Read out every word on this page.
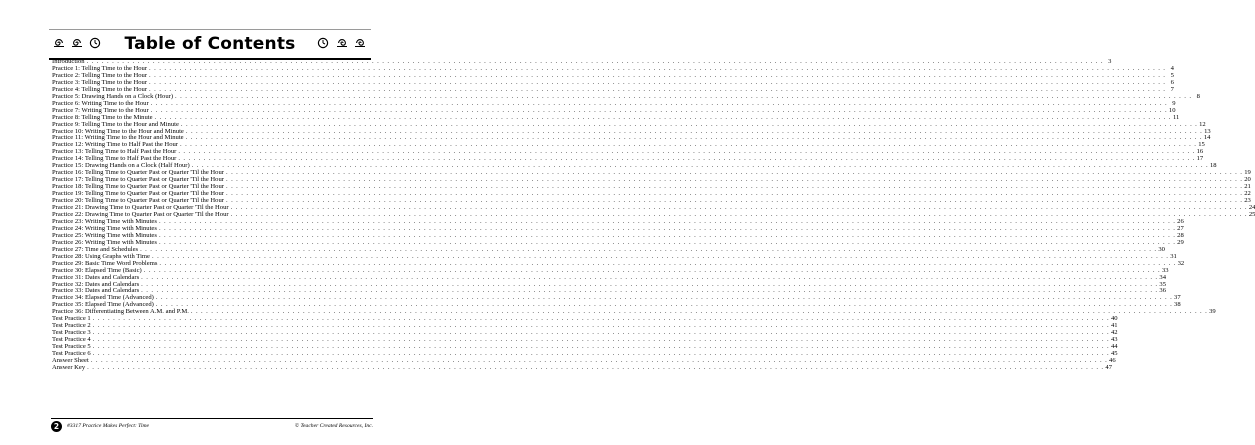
Table of Contents
Introduction . . . . . . . . . . . . . . . . . . . . . . . . . . . . . . . . . . . . . . . . . . . . . . . . . . . . . . . . . . . . . . . . . . . . . . . . . . . . . . . . . . . . . . . . . . . . . . . . . . . . . . . . . . . . . . . . . . . . . . . . . . . . . . . . . . . . . . . . . . . . . . . . . . . . . . . . . . . . . . . . . . . . . . . . . . . . . . . . . . . . . . . . . . . . . . . . . . . . . . . . 3
Practice 1: Telling Time to the Hour . . . . . . . . . . . . . . . . . . . . . . . . . . . . . . . . . . . . . . . . . . . . . . . . . . . . . . . . . . . . . . . . . . . . . . . . . . . . . . . . . . . . . . . . . . . . . . . . . . . . . . . . . . . . . . . . . . . . . . . . . . . . . . . . . . . . . . . . . . . . . . . . . . . . . . . . . . . . . . . . . . . . . . . . . . . . . . . . . . . . . . . . . . . . . . . . . . . . . . . . 4
Practice 2: Telling Time to the Hour . . . . . . . . . . . . . . . . . . . . . . . . . . . . . . . . . . . . . . . . . . . . . . . . . . . . . . . . . . . . . . . . . . . . . . . . . . . . . . . . . . . . . . . . . . . . . . . . . . . . . . . . . . . . . . . . . . . . . . . . . . . . . . . . . . . . . . . . . . . . . . . . . . . . . . . . . . . . . . . . . . . . . . . . . . . . . . . . . . . . . . . . . . . . . . . . . . . . . . . . 5
Practice 3: Telling Time to the Hour . . . . . . . . . . . . . . . . . . . . . . . . . . . . . . . . . . . . . . . . . . . . . . . . . . . . . . . . . . . . . . . . . . . . . . . . . . . . . . . . . . . . . . . . . . . . . . . . . . . . . . . . . . . . . . . . . . . . . . . . . . . . . . . . . . . . . . . . . . . . . . . . . . . . . . . . . . . . . . . . . . . . . . . . . . . . . . . . . . . . . . . . . . . . . . . . . . . . . . . . 6
Practice 4: Telling Time to the Hour . . . . . . . . . . . . . . . . . . . . . . . . . . . . . . . . . . . . . . . . . . . . . . . . . . . . . . . . . . . . . . . . . . . . . . . . . . . . . . . . . . . . . . . . . . . . . . . . . . . . . . . . . . . . . . . . . . . . . . . . . . . . . . . . . . . . . . . . . . . . . . . . . . . . . . . . . . . . . . . . . . . . . . . . . . . . . . . . . . . . . . . . . . . . . . . . . . . . . . . . 7
Practice 5: Drawing Hands on a Clock (Hour) . . . . . . . . . . . . . . . . . . . . . . . . . . . . . . . . . . . . . . . . . . . . . . . . . . . . . . . . . . . . . . . . . . . . . . . . . . . . . . . . . . . . . . . . . . . . . . . . . . . . . . . . . . . . . . . . . . . . . . . . . . . . . . . . . . . . . . . . . . . . . . . . . . . . . . . . . . . . . . . . . . . . . . . . . . . . . . . . . . . . . . . . . . . . . . . . . . . . . . . . 8
Practice 6: Writing Time to the Hour . . . . . . . . . . . . . . . . . . . . . . . . . . . . . . . . . . . . . . . . . . . . . . . . . . . . . . . . . . . . . . . . . . . . . . . . . . . . . . . . . . . . . . . . . . . . . . . . . . . . . . . . . . . . . . . . . . . . . . . . . . . . . . . . . . . . . . . . . . . . . . . . . . . . . . . . . . . . . . . . . . . . . . . . . . . . . . . . . . . . . . . . . . . . . . . . . . . . . . . . 9
Practice 7: Writing Time to the Hour . . . . . . . . . . . . . . . . . . . . . . . . . . . . . . . . . . . . . . . . . . . . . . . . . . . . . . . . . . . . . . . . . . . . . . . . . . . . . . . . . . . . . . . . . . . . . . . . . . . . . . . . . . . . . . . . . . . . . . . . . . . . . . . . . . . . . . . . . . . . . . . . . . . . . . . . . . . . . . . . . . . . . . . . . . . . . . . . . . . . . . . . . . . . . . . . . . . . . . . . 10
Practice 8: Telling Time to the Minute . . . . . . . . . . . . . . . . . . . . . . . . . . . . . . . . . . . . . . . . . . . . . . . . . . . . . . . . . . . . . . . . . . . . . . . . . . . . . . . . . . . . . . . . . . . . . . . . . . . . . . . . . . . . . . . . . . . . . . . . . . . . . . . . . . . . . . . . . . . . . . . . . . . . . . . . . . . . . . . . . . . . . . . . . . . . . . . . . . . . . . . . . . . . . . . . . . . . . . . . 11
Practice 9: Telling Time to the Hour and Minute . . . . . . . . . . . . . . . . . . . . . . . . . . . . . . . . . . . . . . . . . . . . . . . . . . . . . . . . . . . . . . . . . . . . . . . . . . . . . . . . . . . . . . . . . . . . . . . . . . . . . . . . . . . . . . . . . . . . . . . . . . . . . . . . . . . . . . . . . . . . . . . . . . . . . . . . . . . . . . . . . . . . . . . . . . . . . . . . . . . . . . . . . . . . . . . . . . . . . . . . 12
Practice 10: Writing Time to the Hour and Minute . . . . . . . . . . . . . . . . . . . . . . . . . . . . . . . . . . . . . . . . . . . . . . . . . . . . . . . . . . . . . . . . . . . . . . . . . . . . . . . . . . . . . . . . . . . . . . . . . . . . . . . . . . . . . . . . . . . . . . . . . . . . . . . . . . . . . . . . . . . . . . . . . . . . . . . . . . . . . . . . . . . . . . . . . . . . . . . . . . . . . . . . . . . . . . . . . . . . . . . . 13
Practice 11: Writing Time to the Hour and Minute . . . . . . . . . . . . . . . . . . . . . . . . . . . . . . . . . . . . . . . . . . . . . . . . . . . . . . . . . . . . . . . . . . . . . . . . . . . . . . . . . . . . . . . . . . . . . . . . . . . . . . . . . . . . . . . . . . . . . . . . . . . . . . . . . . . . . . . . . . . . . . . . . . . . . . . . . . . . . . . . . . . . . . . . . . . . . . . . . . . . . . . . . . . . . . . . . . . . . . . . 14
Practice 12: Writing Time to Half Past the Hour . . . . . . . . . . . . . . . . . . . . . . . . . . . . . . . . . . . . . . . . . . . . . . . . . . . . . . . . . . . . . . . . . . . . . . . . . . . . . . . . . . . . . . . . . . . . . . . . . . . . . . . . . . . . . . . . . . . . . . . . . . . . . . . . . . . . . . . . . . . . . . . . . . . . . . . . . . . . . . . . . . . . . . . . . . . . . . . . . . . . . . . . . . . . . . . . . . . . . . . . 15
Practice 13: Telling Time to Half Past the Hour . . . . . . . . . . . . . . . . . . . . . . . . . . . . . . . . . . . . . . . . . . . . . . . . . . . . . . . . . . . . . . . . . . . . . . . . . . . . . . . . . . . . . . . . . . . . . . . . . . . . . . . . . . . . . . . . . . . . . . . . . . . . . . . . . . . . . . . . . . . . . . . . . . . . . . . . . . . . . . . . . . . . . . . . . . . . . . . . . . . . . . . . . . . . . . . . . . . . . . . . 16
Practice 14: Telling Time to Half Past the Hour . . . . . . . . . . . . . . . . . . . . . . . . . . . . . . . . . . . . . . . . . . . . . . . . . . . . . . . . . . . . . . . . . . . . . . . . . . . . . . . . . . . . . . . . . . . . . . . . . . . . . . . . . . . . . . . . . . . . . . . . . . . . . . . . . . . . . . . . . . . . . . . . . . . . . . . . . . . . . . . . . . . . . . . . . . . . . . . . . . . . . . . . . . . . . . . . . . . . . . . . 17
Practice 15: Drawing Hands on a Clock (Half Hour) . . . . . . . . . . . . . . . . . . . . . . . . . . . . . . . . . . . . . . . . . . . . . . . . . . . . . . . . . . . . . . . . . . . . . . . . . . . . . . . . . . . . . . . . . . . . . . . . . . . . . . . . . . . . . . . . . . . . . . . . . . . . . . . . . . . . . . . . . . . . . . . . . . . . . . . . . . . . . . . . . . . . . . . . . . . . . . . . . . . . . . . . . . . . . . . . . . . . . . . . 18
Practice 16: Telling Time to Quarter Past or Quarter 'Til the Hour . . . . . . . . . . . . . . . . . . . . . . . . . . . . . . . . . . . . . . . . . . . . . . . . . . . . . . . . . . . . . . . . . . . . . . . . . . . . . . . . . . . . . . . . . . . . . . . . . . . . . . . . . . . . . . . . . . . . . . . . . . . . . . . . . . . . . . . . . . . . . . . . . . . . . . . . . . . . . . . . . . . . . . . . . . . . . . . . . . . . . . . . . . . . . . . . . . . . . . . . 19
Practice 17: Telling Time to Quarter Past or Quarter 'Til the Hour . . . . . . . . . . . . . . . . . . . . . . . . . . . . . . . . . . . . . . . . . . . . . . . . . . . . . . . . . . . . . . . . . . . . . . . . . . . . . . . . . . . . . . . . . . . . . . . . . . . . . . . . . . . . . . . . . . . . . . . . . . . . . . . . . . . . . . . . . . . . . . . . . . . . . . . . . . . . . . . . . . . . . . . . . . . . . . . . . . . . . . . . . . . . . . . . . . . . . . . . 20
Practice 18: Telling Time to Quarter Past or Quarter 'Til the Hour . . . . . . . . . . . . . . . . . . . . . . . . . . . . . . . . . . . . . . . . . . . . . . . . . . . . . . . . . . . . . . . . . . . . . . . . . . . . . . . . . . . . . . . . . . . . . . . . . . . . . . . . . . . . . . . . . . . . . . . . . . . . . . . . . . . . . . . . . . . . . . . . . . . . . . . . . . . . . . . . . . . . . . . . . . . . . . . . . . . . . . . . . . . . . . . . . . . . . . . . 21
Practice 19: Telling Time to Quarter Past or Quarter 'Til the Hour . . . . . . . . . . . . . . . . . . . . . . . . . . . . . . . . . . . . . . . . . . . . . . . . . . . . . . . . . . . . . . . . . . . . . . . . . . . . . . . . . . . . . . . . . . . . . . . . . . . . . . . . . . . . . . . . . . . . . . . . . . . . . . . . . . . . . . . . . . . . . . . . . . . . . . . . . . . . . . . . . . . . . . . . . . . . . . . . . . . . . . . . . . . . . . . . . . . . . . . . 22
Practice 20: Telling Time to Quarter Past or Quarter 'Til the Hour . . . . . . . . . . . . . . . . . . . . . . . . . . . . . . . . . . . . . . . . . . . . . . . . . . . . . . . . . . . . . . . . . . . . . . . . . . . . . . . . . . . . . . . . . . . . . . . . . . . . . . . . . . . . . . . . . . . . . . . . . . . . . . . . . . . . . . . . . . . . . . . . . . . . . . . . . . . . . . . . . . . . . . . . . . . . . . . . . . . . . . . . . . . . . . . . . . . . . . . . 23
Practice 21: Drawing Time to Quarter Past or Quarter 'Til the Hour . . . . . . . . . . . . . . . . . . . . . . . . . . . . . . . . . . . . . . . . . . . . . . . . . . . . . . . . . . . . . . . . . . . . . . . . . . . . . . . . . . . . . . . . . . . . . . . . . . . . . . . . . . . . . . . . . . . . . . . . . . . . . . . . . . . . . . . . . . . . . . . . . . . . . . . . . . . . . . . . . . . . . . . . . . . . . . . . . . . . . . . . . . . . . . . . . . . . . . . . 24
Practice 22: Drawing Time to Quarter Past or Quarter 'Til the Hour . . . . . . . . . . . . . . . . . . . . . . . . . . . . . . . . . . . . . . . . . . . . . . . . . . . . . . . . . . . . . . . . . . . . . . . . . . . . . . . . . . . . . . . . . . . . . . . . . . . . . . . . . . . . . . . . . . . . . . . . . . . . . . . . . . . . . . . . . . . . . . . . . . . . . . . . . . . . . . . . . . . . . . . . . . . . . . . . . . . . . . . . . . . . . . . . . . . . . . . . 25
Practice 23: Writing Time with Minutes . . . . . . . . . . . . . . . . . . . . . . . . . . . . . . . . . . . . . . . . . . . . . . . . . . . . . . . . . . . . . . . . . . . . . . . . . . . . . . . . . . . . . . . . . . . . . . . . . . . . . . . . . . . . . . . . . . . . . . . . . . . . . . . . . . . . . . . . . . . . . . . . . . . . . . . . . . . . . . . . . . . . . . . . . . . . . . . . . . . . . . . . . . . . . . . . . . . . . . . . 26
Practice 24: Writing Time with Minutes . . . . . . . . . . . . . . . . . . . . . . . . . . . . . . . . . . . . . . . . . . . . . . . . . . . . . . . . . . . . . . . . . . . . . . . . . . . . . . . . . . . . . . . . . . . . . . . . . . . . . . . . . . . . . . . . . . . . . . . . . . . . . . . . . . . . . . . . . . . . . . . . . . . . . . . . . . . . . . . . . . . . . . . . . . . . . . . . . . . . . . . . . . . . . . . . . . . . . . . . 27
Practice 25: Writing Time with Minutes . . . . . . . . . . . . . . . . . . . . . . . . . . . . . . . . . . . . . . . . . . . . . . . . . . . . . . . . . . . . . . . . . . . . . . . . . . . . . . . . . . . . . . . . . . . . . . . . . . . . . . . . . . . . . . . . . . . . . . . . . . . . . . . . . . . . . . . . . . . . . . . . . . . . . . . . . . . . . . . . . . . . . . . . . . . . . . . . . . . . . . . . . . . . . . . . . . . . . . . . 28
Practice 26: Writing Time with Minutes . . . . . . . . . . . . . . . . . . . . . . . . . . . . . . . . . . . . . . . . . . . . . . . . . . . . . . . . . . . . . . . . . . . . . . . . . . . . . . . . . . . . . . . . . . . . . . . . . . . . . . . . . . . . . . . . . . . . . . . . . . . . . . . . . . . . . . . . . . . . . . . . . . . . . . . . . . . . . . . . . . . . . . . . . . . . . . . . . . . . . . . . . . . . . . . . . . . . . . . . 29
Practice 27: Time and Schedules . . . . . . . . . . . . . . . . . . . . . . . . . . . . . . . . . . . . . . . . . . . . . . . . . . . . . . . . . . . . . . . . . . . . . . . . . . . . . . . . . . . . . . . . . . . . . . . . . . . . . . . . . . . . . . . . . . . . . . . . . . . . . . . . . . . . . . . . . . . . . . . . . . . . . . . . . . . . . . . . . . . . . . . . . . . . . . . . . . . . . . . . . . . . . . . . . . . . . . . . 30
Practice 28: Using Graphs with Time . . . . . . . . . . . . . . . . . . . . . . . . . . . . . . . . . . . . . . . . . . . . . . . . . . . . . . . . . . . . . . . . . . . . . . . . . . . . . . . . . . . . . . . . . . . . . . . . . . . . . . . . . . . . . . . . . . . . . . . . . . . . . . . . . . . . . . . . . . . . . . . . . . . . . . . . . . . . . . . . . . . . . . . . . . . . . . . . . . . . . . . . . . . . . . . . . . . . . . . . 31
Practice 29: Basic Time Word Problems . . . . . . . . . . . . . . . . . . . . . . . . . . . . . . . . . . . . . . . . . . . . . . . . . . . . . . . . . . . . . . . . . . . . . . . . . . . . . . . . . . . . . . . . . . . . . . . . . . . . . . . . . . . . . . . . . . . . . . . . . . . . . . . . . . . . . . . . . . . . . . . . . . . . . . . . . . . . . . . . . . . . . . . . . . . . . . . . . . . . . . . . . . . . . . . . . . . . . . . . 32
Practice 30: Elapsed Time (Basic) . . . . . . . . . . . . . . . . . . . . . . . . . . . . . . . . . . . . . . . . . . . . . . . . . . . . . . . . . . . . . . . . . . . . . . . . . . . . . . . . . . . . . . . . . . . . . . . . . . . . . . . . . . . . . . . . . . . . . . . . . . . . . . . . . . . . . . . . . . . . . . . . . . . . . . . . . . . . . . . . . . . . . . . . . . . . . . . . . . . . . . . . . . . . . . . . . . . . . . . . 33
Practice 31: Dates and Calendars . . . . . . . . . . . . . . . . . . . . . . . . . . . . . . . . . . . . . . . . . . . . . . . . . . . . . . . . . . . . . . . . . . . . . . . . . . . . . . . . . . . . . . . . . . . . . . . . . . . . . . . . . . . . . . . . . . . . . . . . . . . . . . . . . . . . . . . . . . . . . . . . . . . . . . . . . . . . . . . . . . . . . . . . . . . . . . . . . . . . . . . . . . . . . . . . . . . . . . . . 34
Practice 32: Dates and Calendars . . . . . . . . . . . . . . . . . . . . . . . . . . . . . . . . . . . . . . . . . . . . . . . . . . . . . . . . . . . . . . . . . . . . . . . . . . . . . . . . . . . . . . . . . . . . . . . . . . . . . . . . . . . . . . . . . . . . . . . . . . . . . . . . . . . . . . . . . . . . . . . . . . . . . . . . . . . . . . . . . . . . . . . . . . . . . . . . . . . . . . . . . . . . . . . . . . . . . . . . 35
Practice 33: Dates and Calendars . . . . . . . . . . . . . . . . . . . . . . . . . . . . . . . . . . . . . . . . . . . . . . . . . . . . . . . . . . . . . . . . . . . . . . . . . . . . . . . . . . . . . . . . . . . . . . . . . . . . . . . . . . . . . . . . . . . . . . . . . . . . . . . . . . . . . . . . . . . . . . . . . . . . . . . . . . . . . . . . . . . . . . . . . . . . . . . . . . . . . . . . . . . . . . . . . . . . . . . . 36
Practice 34: Elapsed Time (Advanced) . . . . . . . . . . . . . . . . . . . . . . . . . . . . . . . . . . . . . . . . . . . . . . . . . . . . . . . . . . . . . . . . . . . . . . . . . . . . . . . . . . . . . . . . . . . . . . . . . . . . . . . . . . . . . . . . . . . . . . . . . . . . . . . . . . . . . . . . . . . . . . . . . . . . . . . . . . . . . . . . . . . . . . . . . . . . . . . . . . . . . . . . . . . . . . . . . . . . . . . . 37
Practice 35: Elapsed Time (Advanced) . . . . . . . . . . . . . . . . . . . . . . . . . . . . . . . . . . . . . . . . . . . . . . . . . . . . . . . . . . . . . . . . . . . . . . . . . . . . . . . . . . . . . . . . . . . . . . . . . . . . . . . . . . . . . . . . . . . . . . . . . . . . . . . . . . . . . . . . . . . . . . . . . . . . . . . . . . . . . . . . . . . . . . . . . . . . . . . . . . . . . . . . . . . . . . . . . . . . . . . . 38
Practice 36: Differentiating Between A.M. and P.M. . . . . . . . . . . . . . . . . . . . . . . . . . . . . . . . . . . . . . . . . . . . . . . . . . . . . . . . . . . . . . . . . . . . . . . . . . . . . . . . . . . . . . . . . . . . . . . . . . . . . . . . . . . . . . . . . . . . . . . . . . . . . . . . . . . . . . . . . . . . . . . . . . . . . . . . . . . . . . . . . . . . . . . . . . . . . . . . . . . . . . . . . . . . . . . . . . . . . . . . . 39
Test Practice 1 . . . . . . . . . . . . . . . . . . . . . . . . . . . . . . . . . . . . . . . . . . . . . . . . . . . . . . . . . . . . . . . . . . . . . . . . . . . . . . . . . . . . . . . . . . . . . . . . . . . . . . . . . . . . . . . . . . . . . . . . . . . . . . . . . . . . . . . . . . . . . . . . . . . . . . . . . . . . . . . . . . . . . . . . . . . . . . . . . . . . . . . . . . . . . . . . . . . . . . . . 40
Test Practice 2 . . . . . . . . . . . . . . . . . . . . . . . . . . . . . . . . . . . . . . . . . . . . . . . . . . . . . . . . . . . . . . . . . . . . . . . . . . . . . . . . . . . . . . . . . . . . . . . . . . . . . . . . . . . . . . . . . . . . . . . . . . . . . . . . . . . . . . . . . . . . . . . . . . . . . . . . . . . . . . . . . . . . . . . . . . . . . . . . . . . . . . . . . . . . . . . . . . . . . . . . 41
Test Practice 3 . . . . . . . . . . . . . . . . . . . . . . . . . . . . . . . . . . . . . . . . . . . . . . . . . . . . . . . . . . . . . . . . . . . . . . . . . . . . . . . . . . . . . . . . . . . . . . . . . . . . . . . . . . . . . . . . . . . . . . . . . . . . . . . . . . . . . . . . . . . . . . . . . . . . . . . . . . . . . . . . . . . . . . . . . . . . . . . . . . . . . . . . . . . . . . . . . . . . . . . . 42
Test Practice 4 . . . . . . . . . . . . . . . . . . . . . . . . . . . . . . . . . . . . . . . . . . . . . . . . . . . . . . . . . . . . . . . . . . . . . . . . . . . . . . . . . . . . . . . . . . . . . . . . . . . . . . . . . . . . . . . . . . . . . . . . . . . . . . . . . . . . . . . . . . . . . . . . . . . . . . . . . . . . . . . . . . . . . . . . . . . . . . . . . . . . . . . . . . . . . . . . . . . . . . . . 43
Test Practice 5 . . . . . . . . . . . . . . . . . . . . . . . . . . . . . . . . . . . . . . . . . . . . . . . . . . . . . . . . . . . . . . . . . . . . . . . . . . . . . . . . . . . . . . . . . . . . . . . . . . . . . . . . . . . . . . . . . . . . . . . . . . . . . . . . . . . . . . . . . . . . . . . . . . . . . . . . . . . . . . . . . . . . . . . . . . . . . . . . . . . . . . . . . . . . . . . . . . . . . . . . 44
Test Practice 6 . . . . . . . . . . . . . . . . . . . . . . . . . . . . . . . . . . . . . . . . . . . . . . . . . . . . . . . . . . . . . . . . . . . . . . . . . . . . . . . . . . . . . . . . . . . . . . . . . . . . . . . . . . . . . . . . . . . . . . . . . . . . . . . . . . . . . . . . . . . . . . . . . . . . . . . . . . . . . . . . . . . . . . . . . . . . . . . . . . . . . . . . . . . . . . . . . . . . . . . . 45
Answer Sheet . . . . . . . . . . . . . . . . . . . . . . . . . . . . . . . . . . . . . . . . . . . . . . . . . . . . . . . . . . . . . . . . . . . . . . . . . . . . . . . . . . . . . . . . . . . . . . . . . . . . . . . . . . . . . . . . . . . . . . . . . . . . . . . . . . . . . . . . . . . . . . . . . . . . . . . . . . . . . . . . . . . . . . . . . . . . . . . . . . . . . . . . . . . . . . . . . . . . . . . . 46
Answer Key . . . . . . . . . . . . . . . . . . . . . . . . . . . . . . . . . . . . . . . . . . . . . . . . . . . . . . . . . . . . . . . . . . . . . . . . . . . . . . . . . . . . . . . . . . . . . . . . . . . . . . . . . . . . . . . . . . . . . . . . . . . . . . . . . . . . . . . . . . . . . . . . . . . . . . . . . . . . . . . . . . . . . . . . . . . . . . . . . . . . . . . . . . . . . . . . . . . . . . . . 47
2	#3317 Practice Makes Perfect: Time	© Teacher Created Resources, Inc.
